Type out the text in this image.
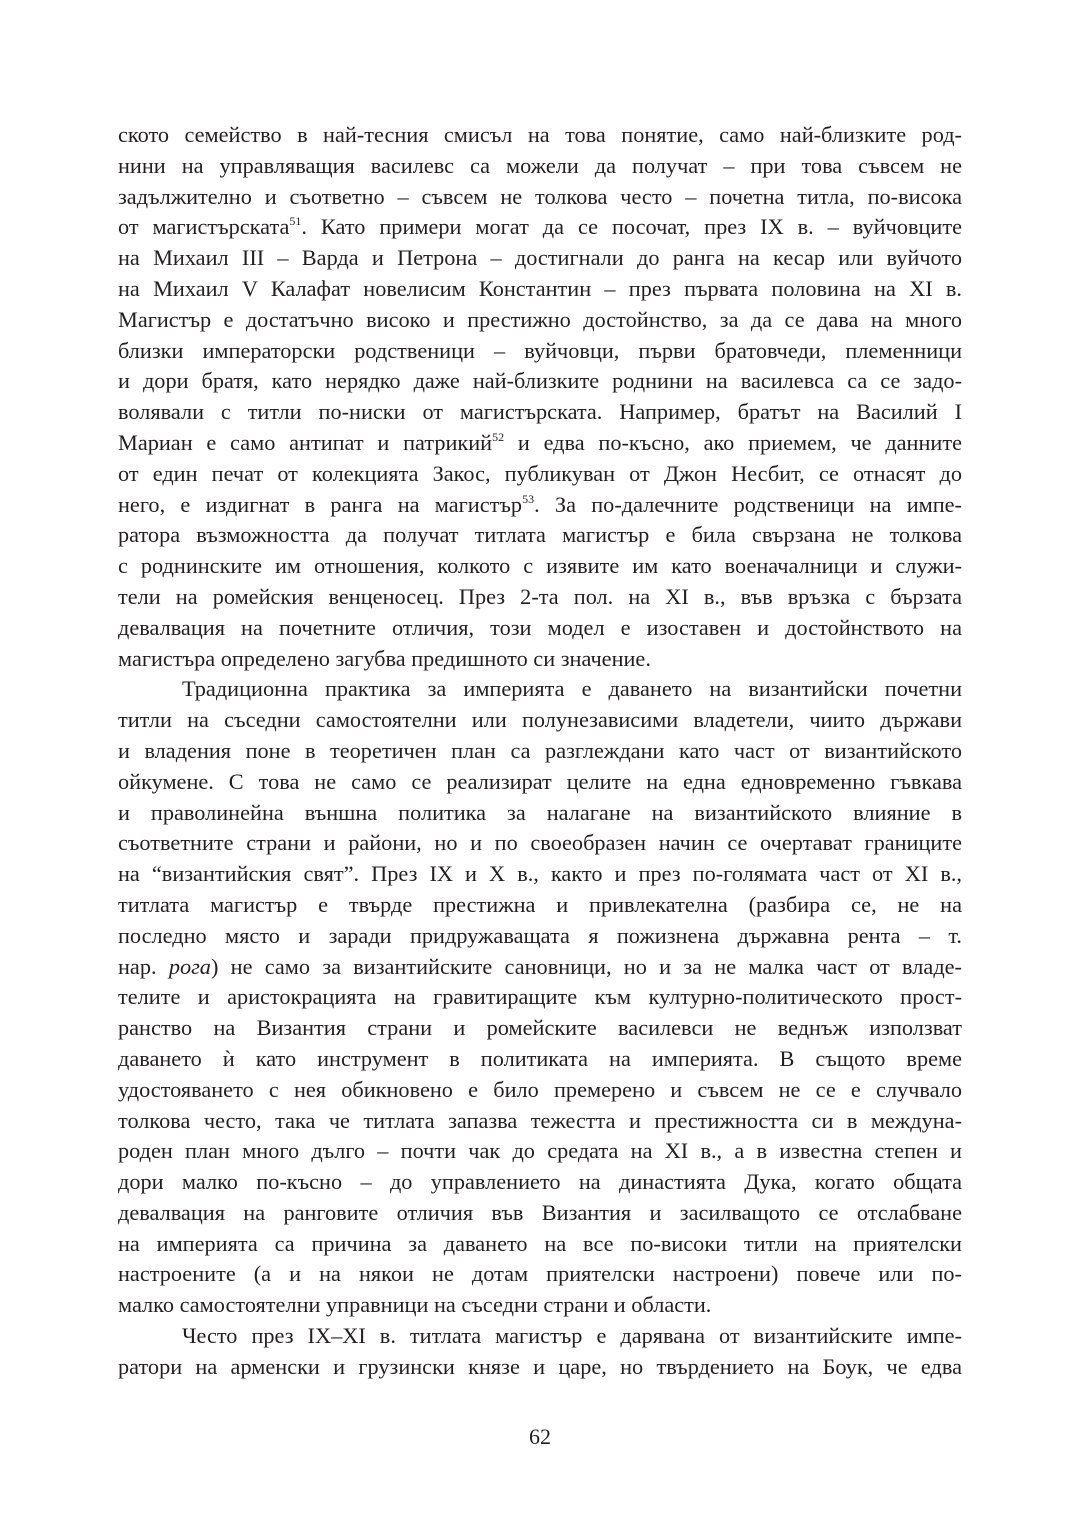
ското семейство в най-тесния смисъл на това понятие, само най-близките род-
нини на управляващия василевс са можели да получат – при това съвсем не
задължително и съответно – съвсем не толкова често – почетна титла, по-висока
от магистърската$^{51}$. Като примери могат да се посочат, през IX в. – вуйчовците
на Михаил III – Варда и Петрона – достигнали до ранга на кесар или вуйчото
на Михаил V Калафат новелисим Константин – през първата половина на XI в.
Магистър е достатъчно високо и престижно достойнство, за да се дава на много
близки императорски родственици – вуйчовци, първи братовчеди, племенници
и дори братя, като нерядко даже най-близките роднини на василевса са се задо-
волявали с титли по-ниски от магистърската. Например, братът на Василий I
Мариан е само антипат и патрикий$^{52}$ и едва по-късно, ако приемем, че данните
от един печат от колекцията Закос, публикуван от Джон Несбит, се отнасят до
него, е издигнат в ранга на магистър$^{53}$. За по-далечните родственици на импе-
ратора възможността да получат титлата магистър е била свързана не толкова
с роднинските им отношения, колкото с изявите им като военачалници и служи-
тели на ромейския венценосец. През 2-та пол. на XI в., във връзка с бързата
девалвация на почетните отличия, този модел е изоставен и достойнството на
магистъра определено загубва предишното си значение.
Традиционна практика за империята е даването на византийски почетни
титли на съседни самостоятелни или полунезависими владетели, чиито държави
и владения поне в теоретичен план са разглеждани като част от византийското
ойкумене. С това не само се реализират целите на една едновременно гъвкава
и праволинейна външна политика за налагане на византийското влияние в
съответните страни и райони, но и по своеобразен начин се очертават границите
на “византийския свят”. През IX и X в., както и през по-голямата част от XI в.,
титлата магистър е твърде престижна и привлекателна (разбира се, не на
последно място и заради придружаващата я пожизнена държавна рента – т.
нар. рога) не само за византийските сановници, но и за не малка част от владе-
телите и аристокрацията на гравитиращите към културно-политическото прост-
ранство на Византия страни и ромейските василевси не веднъж използват
даването ѝ като инструмент в политиката на империята. В същото време
удостояването с нея обикновено е било премерено и съвсем не се е случвало
толкова често, така че титлата запазва тежестта и престижността си в междуна-
роден план много дълго – почти чак до средата на XI в., а в известна степен и
дори малко по-късно – до управлението на династията Дука, когато общата
девалвация на ранговите отличия във Византия и засилващото се отслабване
на империята са причина за даването на все по-високи титли на приятелски
настроените (а и на някои не дотам приятелски настроени) повече или по-
малко самостоятелни управници на съседни страни и области.
Често през IX–XI в. титлата магистър е дарявана от византийските импе-
ратори на арменски и грузински князе и царе, но твърдението на Боук, че едва
62
